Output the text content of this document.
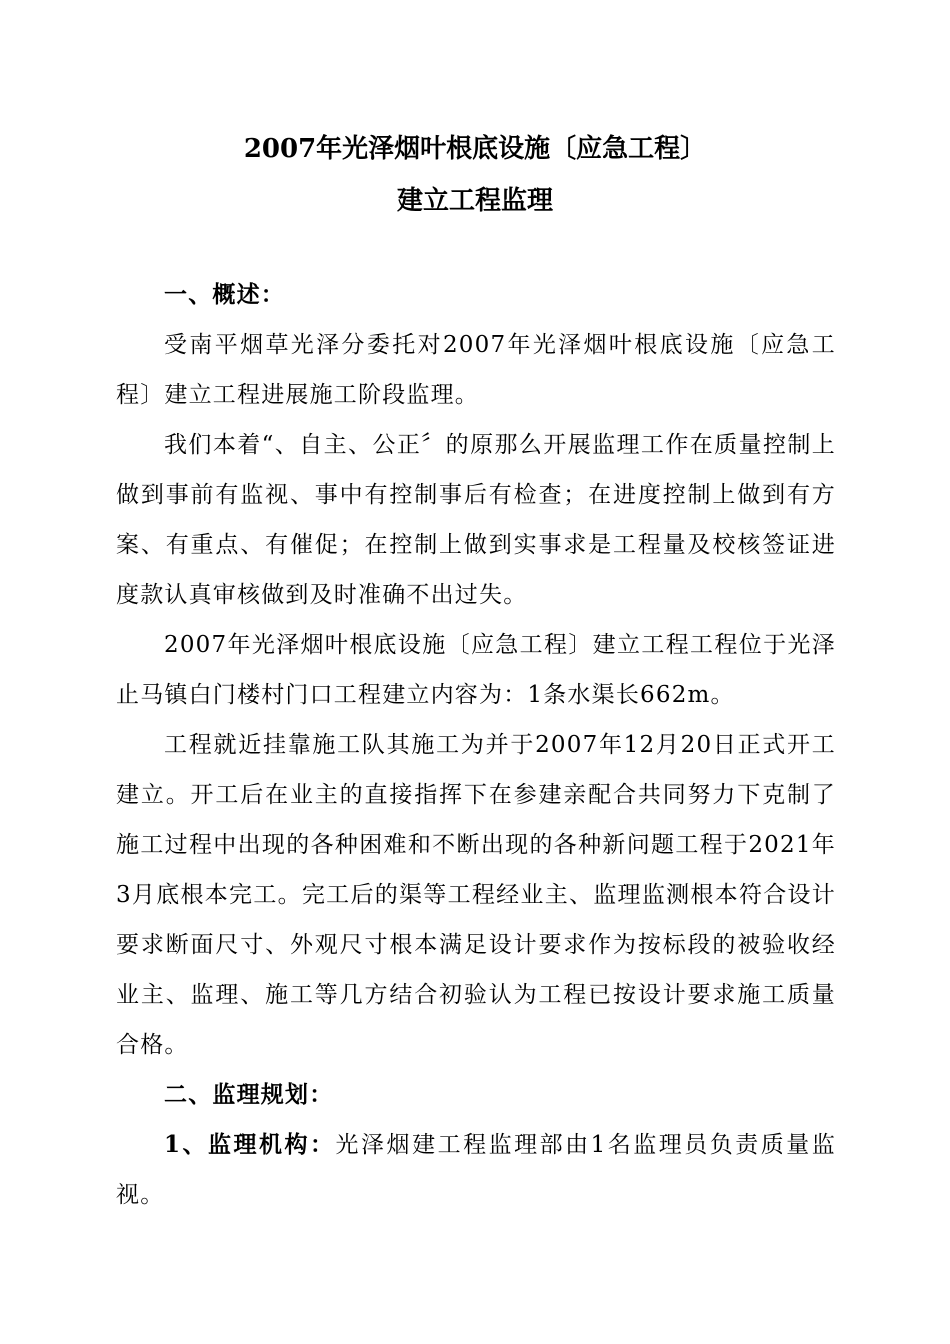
2007年光泽烟叶根底设施〔应急工程〕
建立工程监理

一、概述：

受南平烟草光泽分委托对2007年光泽烟叶根底设施〔应急工程〕建立工程进展施工阶段监理。

我们本着“、自主、公正〞的原那么开展监理工作在质量控制上做到事前有监视、事中有控制事后有检查；在进度控制上做到有方案、有重点、有催促；在控制上做到实事求是工程量及校核签证进度款认真审核做到及时准确不出过失。

2007年光泽烟叶根底设施〔应急工程〕建立工程工程位于光泽止马镇白门楼村门口工程建立内容为：1条水渠长662m。

工程就近挂靠施工队其施工为并于2007年12月20日正式开工建立。开工后在业主的直接指挥下在参建亲配合共同努力下克制了施工过程中出现的各种困难和不断出现的各种新问题工程于2021年3月底根本完工。完工后的渠等工程经业主、监理监测根本符合设计要求断面尺寸、外观尺寸根本满足设计要求作为按标段的被验收经业主、监理、施工等几方结合初验认为工程已按设计要求施工质量合格。

二、监理规划：

1、监理机构：光泽烟建工程监理部由1名监理员负责质量监视。
